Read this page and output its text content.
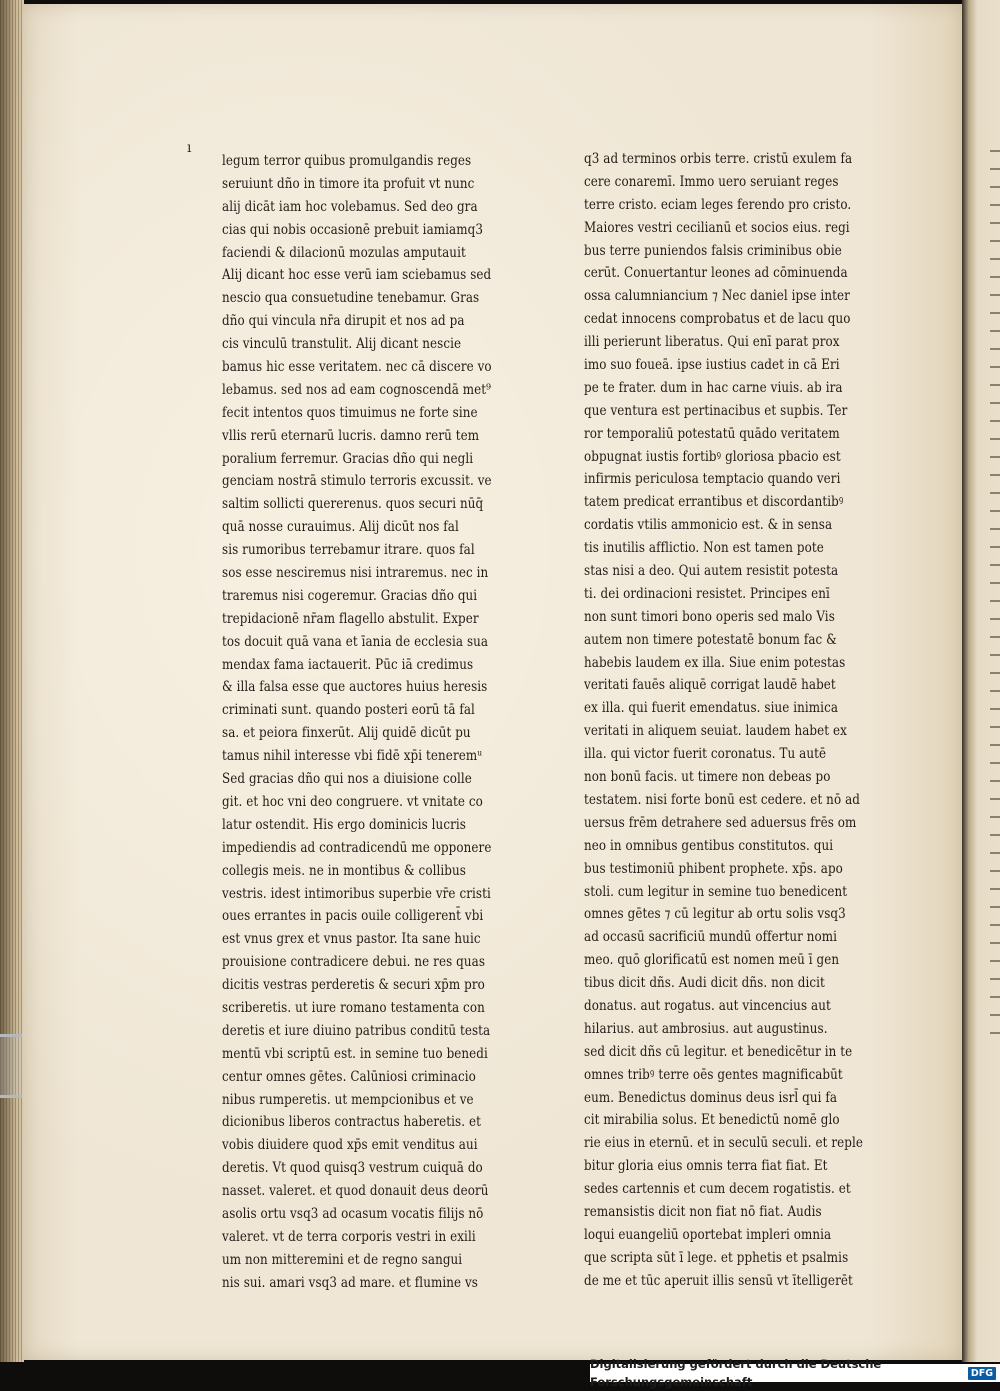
ı
legum terror quibus promulgandis reges
seruiunt dño in timore ita profuit vt nunc
alij dicāt iam hoc volebamus. Sed deo gra
cias qui nobis occasionē prebuit iamiamq3
faciendi & dilacionū mozulas amputauit
Alij dicant hoc esse verū iam sciebamus sed
nescio qua consuetudine tenebamur. Gras
dño qui vincula nr̄a dirupit et nos ad pa
cis vinculū transtulit. Alij dicant nescie
bamus hic esse veritatem. nec cā discere vo
lebamus. sed nos ad eam cognoscendā met⁹
fecit intentos quos timuimus ne forte sine
vllis rerū eternarū lucris. damno rerū tem
poralium ferremur. Gracias dño qui negli
genciam nostrā stimulo terroris excussit. ve
saltim sollicti quererenus. quos securi nūq̄
quā nosse curauimus. Alij dicūt nos fal
sis rumoribus terrebamur itrare. quos fal
sos esse nesciremus nisi intraremus. nec in
traremus nisi cogeremur. Gracias dño qui
trepidacionē nr̄am flagello abstulit. Exper
tos docuit quā vana et īania de ecclesia sua
mendax fama iactauerit. Pūc iā credimus
& illa falsa esse que auctores huius heresis
criminati sunt. quando posteri eorū tā fal
sa. et peiora finxerūt. Alij quidē dicūt pu
tamus nihil interesse vbi fidē xp̄i teneremᵘ
Sed gracias dño qui nos a diuisione colle
git. et hoc vni deo congruere. vt vnitate co
latur ostendit. His ergo dominicis lucris
impediendis ad contradicendū me opponere
collegis meis. ne in montibus & collibus
vestris. idest intimoribus superbie vr̄e cristi
oues errantes in pacis ouile colligerent̄ vbi
est vnus grex et vnus pastor. Ita sane huic
prouisione contradicere debui. ne res quas
dicitis vestras perderetis & securi xp̄m pro
scriberetis. ut iure romano testamenta con
deretis et iure diuino patribus conditū testa
mentū vbi scriptū est. in semine tuo benedi
centur omnes gētes. Calūniosi criminacio
nibus rumperetis. ut mempcionibus et ve
dicionibus liberos contractus haberetis. et
vobis diuidere quod xp̄s emit venditus aui
deretis. Vt quod quisq3 vestrum cuiquā do
nasset. valeret. et quod donauit deus deorū
asolis ortu vsq3 ad ocasum vocatis filijs nō
valeret. vt de terra corporis vestri in exili
um non mitteremini et de regno sangui
nis sui. amari vsq3 ad mare. et flumine vs
q3 ad terminos orbis terre. cristū exulem fa
cere conaremī. Immo uero seruiant reges
terre cristo. eciam leges ferendo pro cristo.
Maiores vestri cecilianū et socios eius. regi
bus terre puniendos falsis criminibus obie
cerūt. Conuertantur leones ad cōminuenda
ossa calumniancium ⁊ Nec daniel ipse inter
cedat innocens comprobatus et de lacu quo
illi perierunt liberatus. Qui enī parat prox
imo suo foueā. ipse iustius cadet in cā Eri
pe te frater. dum in hac carne viuis. ab ira
que ventura est pertinacibus et supbis. Ter
ror temporaliū potestatū quādo veritatem
obpugnat iustis fortibꝰ gloriosa pbacio est
infirmis periculosa temptacio quando veri
tatem predicat errantibus et discordantibꝰ
cordatis vtilis ammonicio est. & in sensa
tis inutilis afflictio. Non est tamen pote
stas nisi a deo. Qui autem resistit potesta
ti. dei ordinacioni resistet. Principes enī
non sunt timori bono operis sed malo Vis
autem non timere potestatē bonum fac &
habebis laudem ex illa. Siue enim potestas
veritati fauēs aliquē corrigat laudē habet
ex illa. qui fuerit emendatus. siue inimica
veritati in aliquem seuiat. laudem habet ex
illa. qui victor fuerit coronatus. Tu autē
non bonū facis. ut timere non debeas po
testatem. nisi forte bonū est cedere. et nō ad
uersus frēm detrahere sed aduersus frēs om
neo in omnibus gentibus constitutos. qui
bus testimoniū phibent prophete. xp̄s. apo
stoli. cum legitur in semine tuo benedicent
omnes gētes ⁊ cū legitur ab ortu solis vsq3
ad occasū sacrificiū mundū offertur nomi
meo. quō glorificatū est nomen meū ī gen
tibus dicit dñs. Audi dicit dñs. non dicit
donatus. aut rogatus. aut vincencius aut
hilarius. aut ambrosius. aut augustinus.
sed dicit dñs cū legitur. et benedicētur in te
omnes tribꝰ terre oēs gentes magnificabūt
eum. Benedictus dominus deus isrl̄ qui fa
cit mirabilia solus. Et benedictū nomē glo
rie eius in eternū. et in seculū seculi. et reple
bitur gloria eius omnis terra fiat fiat. Et
sedes cartennis et cum decem rogatistis. et
remansistis dicit non fiat nō fiat. Audis
loqui euangeliū oportebat impleri omnia
que scripta sūt ī lege. et pphetis et psalmis
de me et tūc aperuit illis sensū vt ītelligerēt
Digitalisierung gefördert durch die Deutsche Forschungsgemeinschaft
DFG
